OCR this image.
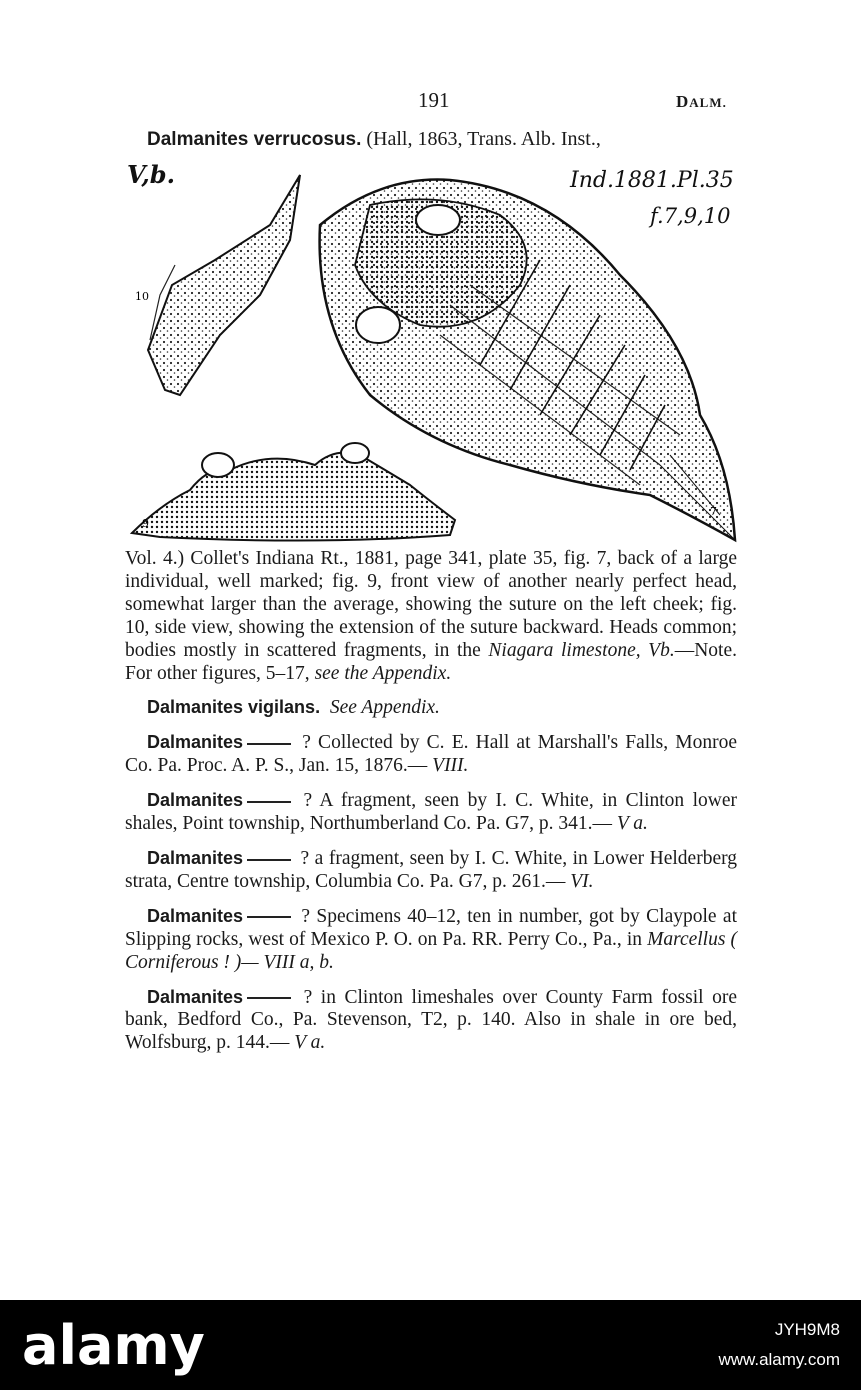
191	DALM.
Dalmanites verrucosus. (Hall, 1863, Trans. Alb. Inst.,
V,b.	Ind.1881.Pl.35
f.7,9,10
10
9
7

Vol. 4.) Collet's Indiana Rt., 1881, page 341, plate 35, fig. 7, back of a large individual, well marked; fig. 9, front view of another nearly perfect head, somewhat larger than the average, showing the suture on the left cheek; fig. 10, side view, showing the extension of the suture backward. Heads common; bodies mostly in scattered fragments, in the Niagara limestone, Vb.—Note. For other figures, 5–17, see the Appendix.

Dalmanites vigilans. See Appendix.

Dalmanites	? Collected by C. E. Hall at Marshall's Falls, Monroe Co. Pa. Proc. A. P. S., Jan. 15, 1876.— VIII.

Dalmanites	? A fragment, seen by I. C. White, in Clinton lower shales, Point township, Northumberland Co. Pa. G7, p. 341.— V a.

Dalmanites	? a fragment, seen by I. C. White, in Lower Helderberg strata, Centre township, Columbia Co. Pa. G7, p. 261.— VI.

Dalmanites	? Specimens 40–12, ten in number, got by Claypole at Slipping rocks, west of Mexico P. O. on Pa. RR. Perry Co., Pa., in Marcellus ( Corniferous ! )— VIII a, b.

Dalmanites	? in Clinton limeshales over County Farm fossil ore bank, Bedford Co., Pa. Stevenson, T2, p. 140. Also in shale in ore bed, Wolfsburg, p. 144.— V a.

alamy	JYH9M8
www.alamy.com
